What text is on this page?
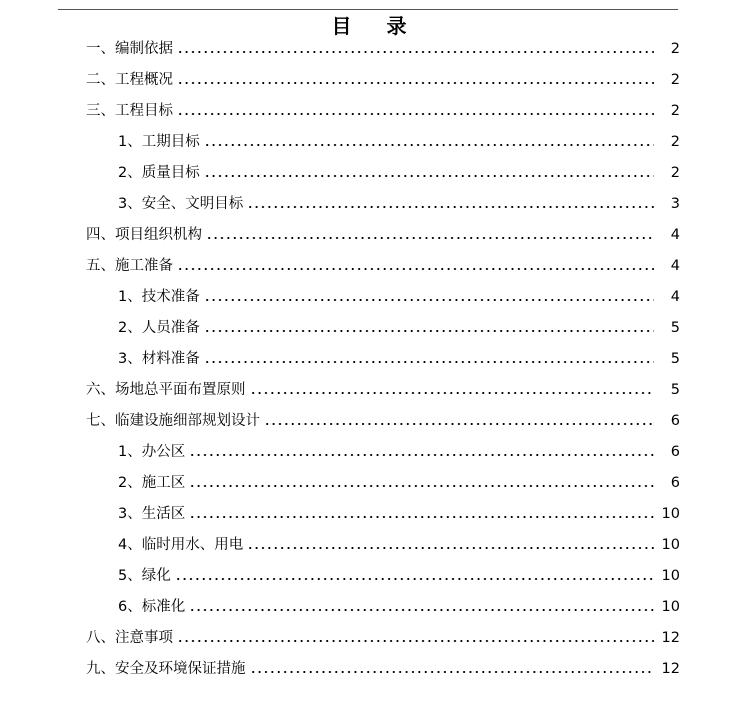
目 录
一、编制依据	2
二、工程概况	2
三、工程目标	2
1、工期目标	2
2、质量目标	2
3、安全、文明目标	3
四、项目组织机构	4
五、施工准备	4
1、技术准备	4
2、人员准备	5
3、材料准备	5
六、场地总平面布置原则	5
七、临建设施细部规划设计	6
1、办公区	6
2、施工区	6
3、生活区	10
4、临时用水、用电	10
5、绿化	10
6、标准化	10
八、注意事项	12
九、安全及环境保证措施	12
